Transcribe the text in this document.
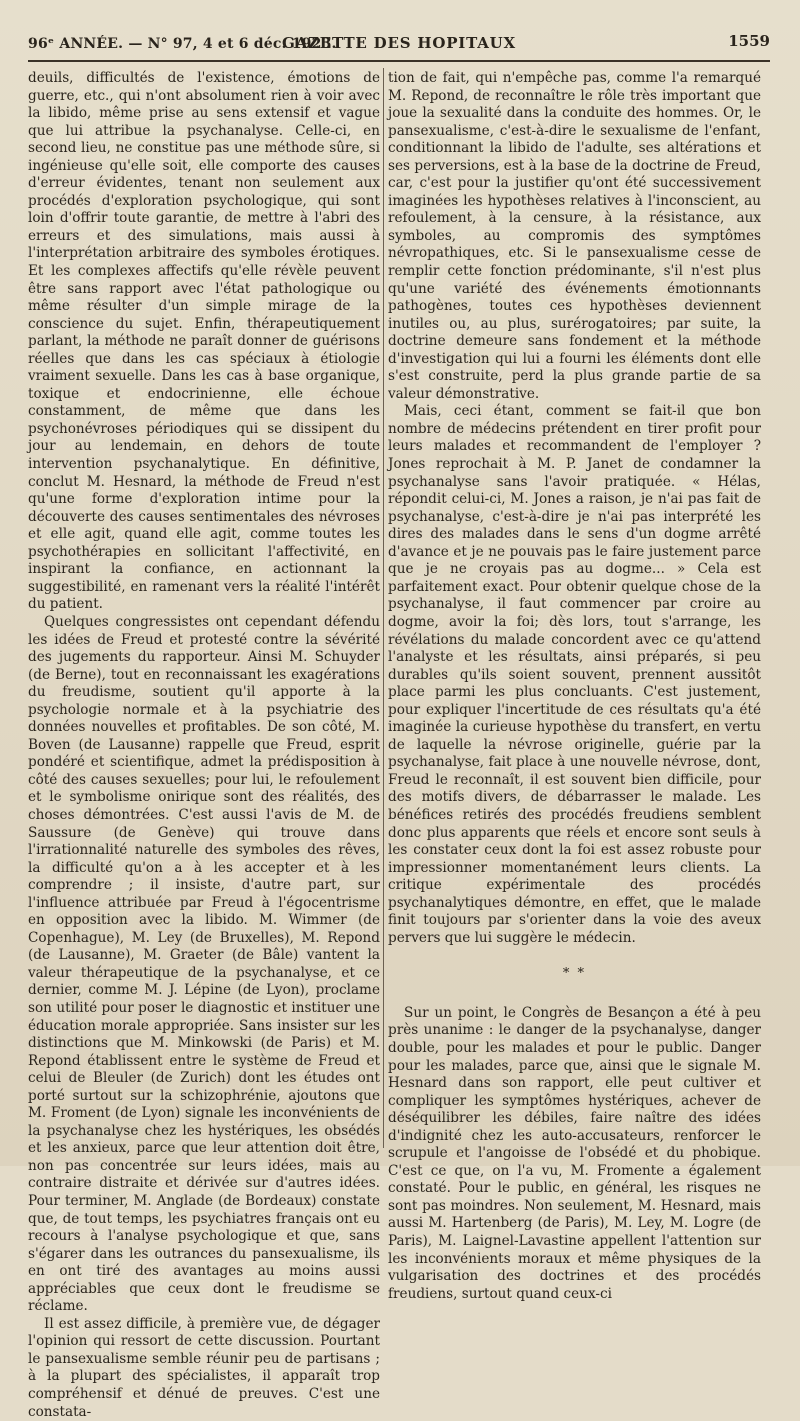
96ᵉ ANNÉE. — N° 97, 4 et 6 déc. 1923.
GAZETTE DES HOPITAUX	1559

deuils, difficultés de l'existence, émotions de guerre, etc., qui n'ont absolument rien à voir avec la libido, même prise au sens extensif et vague que lui attribue la psychanalyse. Celle-ci, en second lieu, ne constitue pas une méthode sûre, si ingénieuse qu'elle soit, elle comporte des causes d'erreur évidentes, tenant non seulement aux procédés d'exploration psychologique, qui sont loin d'offrir toute garantie, de mettre à l'abri des erreurs et des simulations, mais aussi à l'interprétation arbitraire des symboles érotiques. Et les complexes affectifs qu'elle révèle peuvent être sans rapport avec l'état pathologique ou même résulter d'un simple mirage de la conscience du sujet. Enfin, thérapeutiquement parlant, la méthode ne paraît donner de guérisons réelles que dans les cas spéciaux à étiologie vraiment sexuelle. Dans les cas à base organique, toxique et endocrinienne, elle échoue constamment, de même que dans les psychonévroses périodiques qui se dissipent du jour au lendemain, en dehors de toute intervention psychanalytique. En définitive, conclut M. Hesnard, la méthode de Freud n'est qu'une forme d'exploration intime pour la découverte des causes sentimentales des névroses et elle agit, quand elle agit, comme toutes les psychothérapies en sollicitant l'affectivité, en inspirant la confiance, en actionnant la suggestibilité, en ramenant vers la réalité l'intérêt du patient.

Quelques congressistes ont cependant défendu les idées de Freud et protesté contre la sévérité des jugements du rapporteur. Ainsi M. Schuyder (de Berne), tout en reconnaissant les exagérations du freudisme, soutient qu'il apporte à la psychologie normale et à la psychiatrie des données nouvelles et profitables. De son côté, M. Boven (de Lausanne) rappelle que Freud, esprit pondéré et scientifique, admet la prédisposition à côté des causes sexuelles; pour lui, le refoulement et le symbolisme onirique sont des réalités, des choses démontrées. C'est aussi l'avis de M. de Saussure (de Genève) qui trouve dans l'irrationnalité naturelle des symboles des rêves, la difficulté qu'on a à les accepter et à les comprendre ; il insiste, d'autre part, sur l'influence attribuée par Freud à l'égocentrisme en opposition avec la libido. M. Wimmer (de Copenhague), M. Ley (de Bruxelles), M. Repond (de Lausanne), M. Graeter (de Bâle) vantent la valeur thérapeutique de la psychanalyse, et ce dernier, comme M. J. Lépine (de Lyon), proclame son utilité pour poser le diagnostic et instituer une éducation morale appropriée. Sans insister sur les distinctions que M. Minkowski (de Paris) et M. Repond établissent entre le système de Freud et celui de Bleuler (de Zurich) dont les études ont porté surtout sur la schizophrénie, ajoutons que M. Froment (de Lyon) signale les inconvénients de la psychanalyse chez les hystériques, les obsédés et les anxieux, parce que leur attention doit être, non pas concentrée sur leurs idées, mais au contraire distraite et dérivée sur d'autres idées. Pour terminer, M. Anglade (de Bordeaux) constate que, de tout temps, les psychiatres français ont eu recours à l'analyse psychologique et que, sans s'égarer dans les outrances du pansexualisme, ils en ont tiré des avantages au moins aussi appréciables que ceux dont le freudisme se réclame.

Il est assez difficile, à première vue, de dégager l'opinion qui ressort de cette discussion. Pourtant le pansexualisme semble réunir peu de partisans ; à la plupart des spécialistes, il apparaît trop compréhensif et dénué de preuves. C'est une constata-

tion de fait, qui n'empêche pas, comme l'a remarqué M. Repond, de reconnaître le rôle très important que joue la sexualité dans la conduite des hommes. Or, le pansexualisme, c'est-à-dire le sexualisme de l'enfant, conditionnant la libido de l'adulte, ses altérations et ses perversions, est à la base de la doctrine de Freud, car, c'est pour la justifier qu'ont été successivement imaginées les hypothèses relatives à l'inconscient, au refoulement, à la censure, à la résistance, aux symboles, au compromis des symptômes névropathiques, etc. Si le pansexualisme cesse de remplir cette fonction prédominante, s'il n'est plus qu'une variété des événements émotionnants pathogènes, toutes ces hypothèses deviennent inutiles ou, au plus, surérogatoires; par suite, la doctrine demeure sans fondement et la méthode d'investigation qui lui a fourni les éléments dont elle s'est construite, perd la plus grande partie de sa valeur démonstrative.

Mais, ceci étant, comment se fait-il que bon nombre de médecins prétendent en tirer profit pour leurs malades et recommandent de l'employer ? Jones reprochait à M. P. Janet de condamner la psychanalyse sans l'avoir pratiquée. « Hélas, répondit celui-ci, M. Jones a raison, je n'ai pas fait de psychanalyse, c'est-à-dire je n'ai pas interprété les dires des malades dans le sens d'un dogme arrêté d'avance et je ne pouvais pas le faire justement parce que je ne croyais pas au dogme... » Cela est parfaitement exact. Pour obtenir quelque chose de la psychanalyse, il faut commencer par croire au dogme, avoir la foi; dès lors, tout s'arrange, les révélations du malade concordent avec ce qu'attend l'analyste et les résultats, ainsi préparés, si peu durables qu'ils soient souvent, prennent aussitôt place parmi les plus concluants. C'est justement, pour expliquer l'incertitude de ces résultats qu'a été imaginée la curieuse hypothèse du transfert, en vertu de laquelle la névrose originelle, guérie par la psychanalyse, fait place à une nouvelle névrose, dont, Freud le reconnaît, il est souvent bien difficile, pour des motifs divers, de débarrasser le malade. Les bénéfices retirés des procédés freudiens semblent donc plus apparents que réels et encore sont seuls à les constater ceux dont la foi est assez robuste pour impressionner momentanément leurs clients. La critique expérimentale des procédés psychanalytiques démontre, en effet, que le malade finit toujours par s'orienter dans la voie des aveux pervers que lui suggère le médecin.

* *

Sur un point, le Congrès de Besançon a été à peu près unanime : le danger de la psychanalyse, danger double, pour les malades et pour le public. Danger pour les malades, parce que, ainsi que le signale M. Hesnard dans son rapport, elle peut cultiver et compliquer les symptômes hystériques, achever de déséquilibrer les débiles, faire naître des idées d'indignité chez les auto-accusateurs, renforcer le scrupule et l'angoisse de l'obsédé et du phobique. C'est ce que, on l'a vu, M. Fromente a également constaté. Pour le public, en général, les risques ne sont pas moindres. Non seulement, M. Hesnard, mais aussi M. Hartenberg (de Paris), M. Ley, M. Logre (de Paris), M. Laignel-Lavastine appellent l'attention sur les inconvénients moraux et même physiques de la vulgarisation des doctrines et des procédés freudiens, surtout quand ceux-ci
